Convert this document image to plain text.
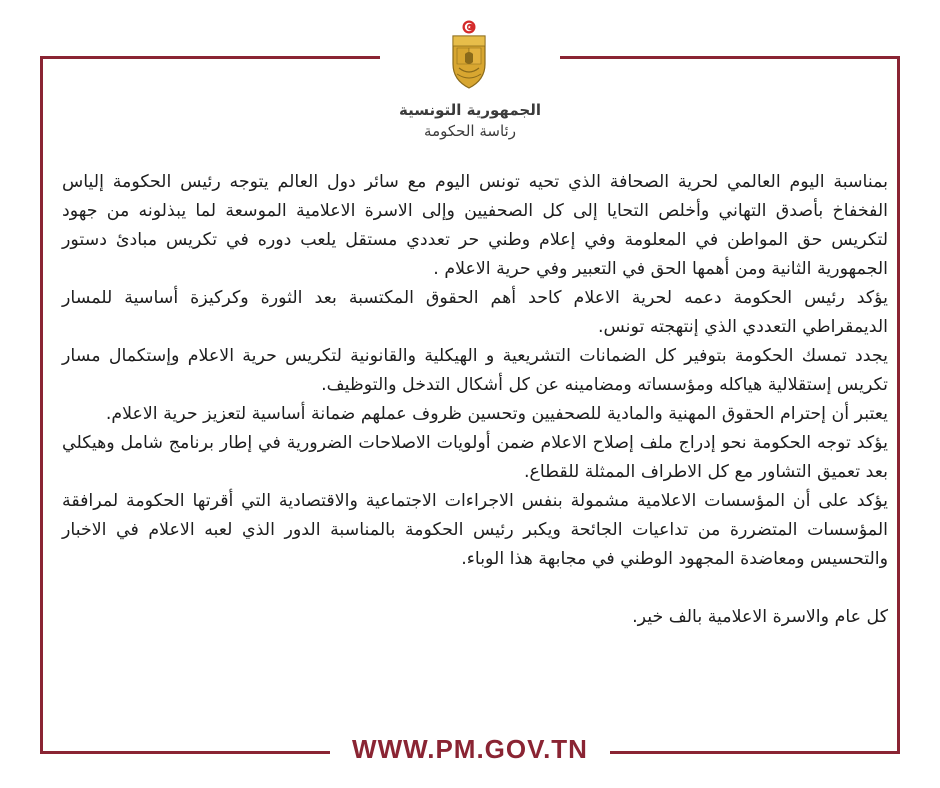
الجمهورية التونسية
رئاسة الحكومة

بمناسبة اليوم العالمي لحرية الصحافة الذي تحيه تونس اليوم مع سائر دول العالم يتوجه رئيس الحكومة إلياس الفخفاخ بأصدق التهاني وأخلص التحايا إلى كل الصحفيين وإلى الاسرة الاعلامية الموسعة لما يبذلونه من جهود لتكريس حق المواطن في المعلومة وفي إعلام وطني حر تعددي مستقل يلعب دوره في تكريس مبادئ دستور الجمهورية الثانية ومن أهمها الحق في التعبير وفي حرية الاعلام .

يؤكد رئيس الحكومة دعمه لحرية الاعلام كاحد أهم الحقوق المكتسبة بعد الثورة وكركيزة أساسية للمسار الديمقراطي التعددي الذي إنتهجته تونس.

يجدد تمسك الحكومة بتوفير كل الضمانات التشريعية و الهيكلية والقانونية لتكريس حرية الاعلام وإستكمال مسار تكريس إستقلالية هياكله ومؤسساته ومضامينه عن كل أشكال التدخل والتوظيف.

يعتبر أن إحترام الحقوق المهنية والمادية للصحفيين وتحسين ظروف عملهم ضمانة أساسية لتعزيز حرية الاعلام.

يؤكد توجه الحكومة نحو إدراج ملف إصلاح الاعلام ضمن أولويات الاصلاحات الضرورية في إطار برنامج شامل وهيكلي بعد تعميق التشاور مع كل الاطراف الممثلة للقطاع.

يؤكد على أن المؤسسات الاعلامية مشمولة بنفس الاجراءات الاجتماعية والاقتصادية التي أقرتها الحكومة لمرافقة المؤسسات المتضررة من تداعيات الجائحة ويكبر رئيس الحكومة بالمناسبة الدور الذي لعبه الاعلام في الاخبار والتحسيس ومعاضدة المجهود الوطني في مجابهة هذا الوباء.

كل عام والاسرة الاعلامية بالف خير.

WWW.PM.GOV.TN
